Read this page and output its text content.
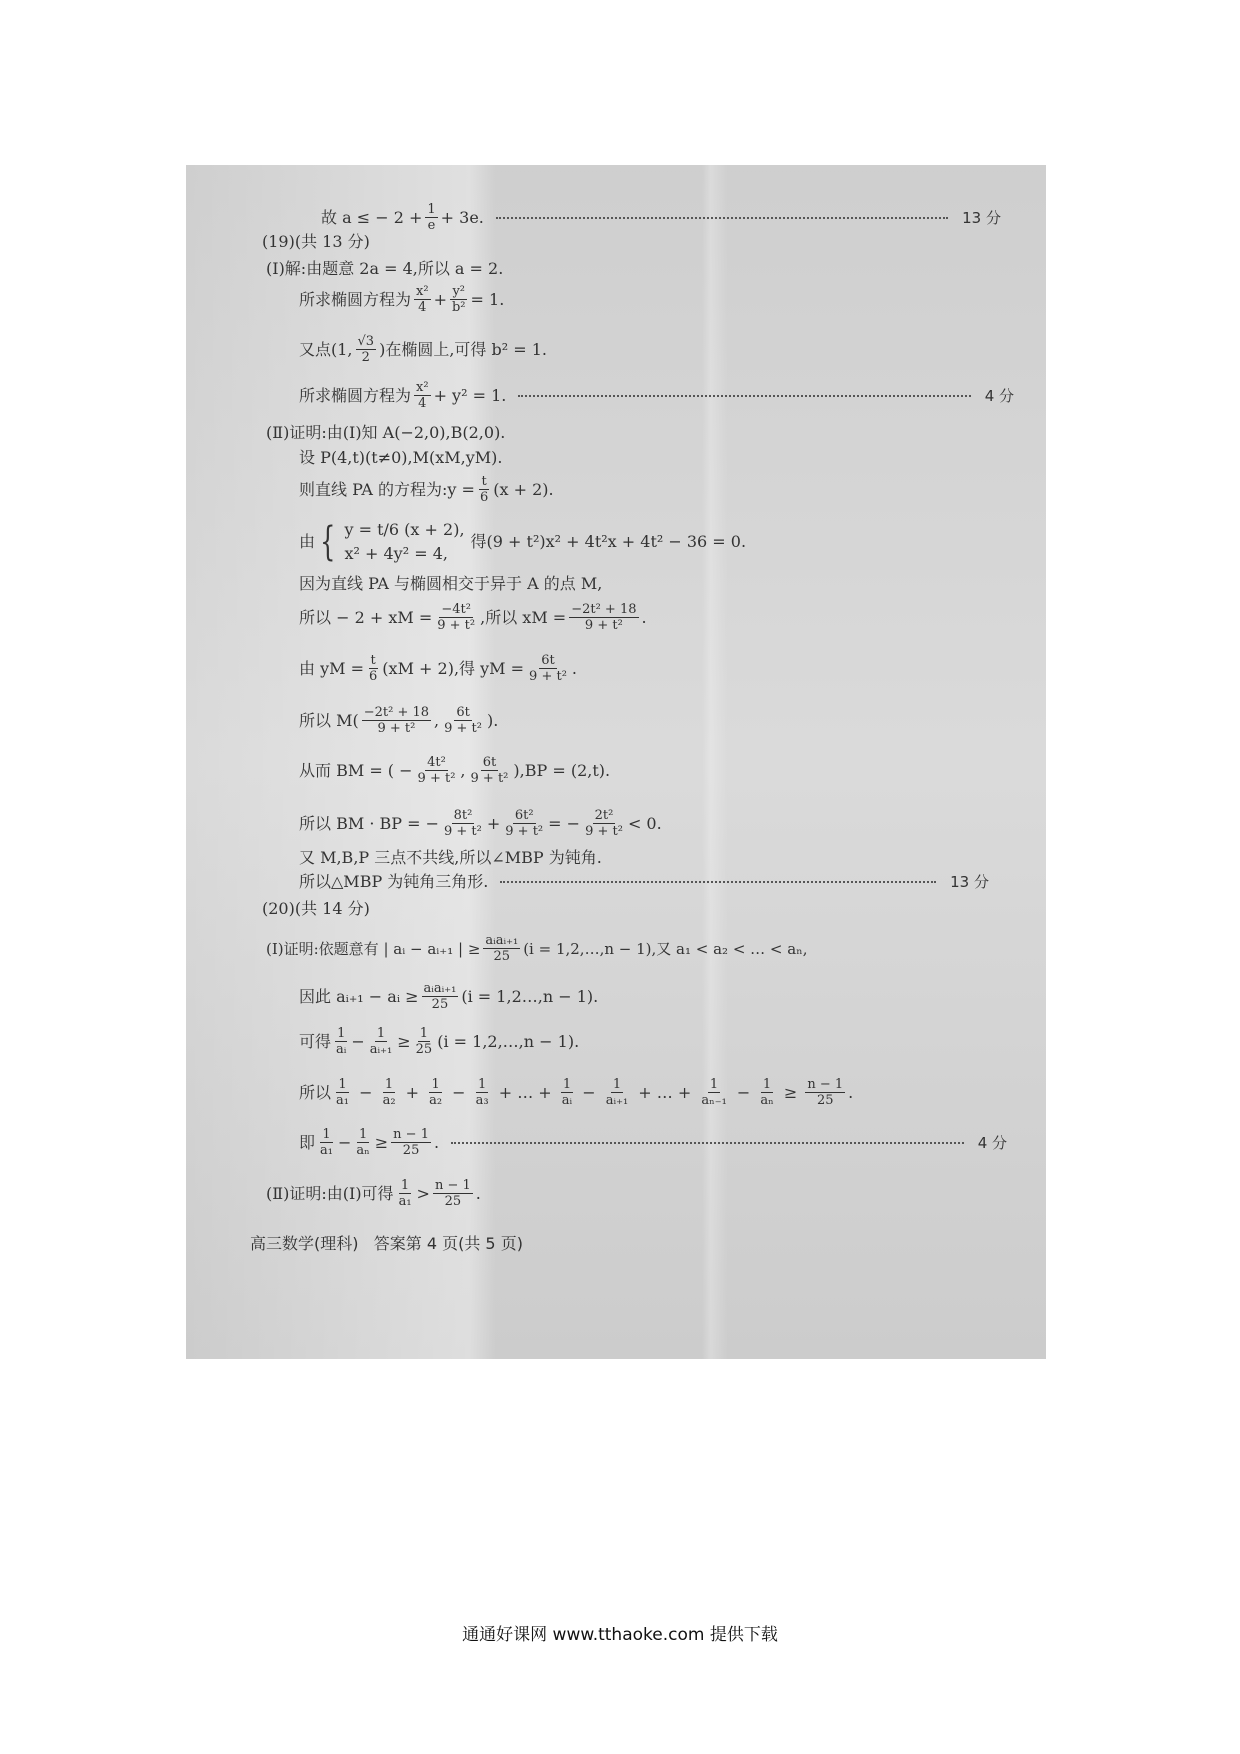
故 a ≤ − $2 + \frac{1}{e} + 3e$.	13 分
(19)(共 13 分)
(Ⅰ)解:由题意 2a = 4,所以 a = 2.
所求椭圆方程为 $\frac{\text{x²}}{4} + \frac{\text{y²}}{\text{b²}} = 1$.
又点(1, $\frac{√3}{2}$ )在椭圆上,可得 b² = 1.
所求椭圆方程为 $\frac{\text{x²}}{4} + y^2 = 1$.	4 分
(Ⅱ)证明:由(Ⅰ)知 A(−2,0),B(2,0).
设 P(4,t)(t≠0),M(xM,yM).
则直线 PA 的方程为:y = $\frac{t}{6} (x + 2)$.
由 { y = t/6 (x + 2),
x² + 4y² = 4,
得(9 + t²)x² + 4t²x + 4t² − 36 = 0.
因为直线 PA 与椭圆相交于异于 A 的点 M,
所以 − 2 + xM = $\frac{\text{−4t²}}{\text{9 + t²}}$ ,所以 xM = $\frac{\text{−2t² + 18}}{\text{9 + t²}}$ .
由 yM = $\frac{t}{6} (xM + 2)$,得 yM = $\frac{6t}{\text{9 + t²}}$ .
所以 $M( \frac{\text{−2t² + 18}}{\text{9 + t²}}$ , $\frac{6t}{\text{9 + t²}}$ ).
从而 BM = ( − $\frac{\text{4t²}}{\text{9 + t²}}$ , $\frac{6t}{\text{9 + t²}} ),BP = (2,t)$.
所以 BM · BP = − $\frac{\text{8t²}}{\text{9 + t²}} + \frac{\text{6t²}}{\text{9 + t²}}$ = − $\frac{\text{2t²}}{\text{9 + t²}} < 0$.
又 M,B,P 三点不共线,所以∠MBP 为钝角.
所以△MBP 为钝角三角形.	13 分
(20)(共 14 分)
(Ⅰ)证明:依题意有 | aᵢ − aᵢ₊₁ | ≥ $\frac{\text{aᵢaᵢ₊₁}}{25} (i$ = 1,2,…,n − 1),又 a₁ < a₂ < … < aₙ,
因此 aᵢ₊₁ − aᵢ ≥ $\frac{\text{aᵢaᵢ₊₁}}{25} (i$ = 1,2…,n − 1).
可得 $\frac{1}{\text{aᵢ}} - \frac{1}{\text{aᵢ₊₁}} \ge \frac{1}{25} (i$ = 1,2,…,n − 1).
所以 $\frac{1}{\text{a₁}} - \frac{1}{\text{a₂}} + \frac{1}{\text{a₂}} - \frac{1}{\text{a₃}}$ + … + $\frac{1}{\text{aᵢ}} - \frac{1}{\text{aᵢ₊₁}}$ + … + $\frac{1}{\text{aₙ₋₁}} - \frac{1}{\text{aₙ}} \ge \frac{n - 1}{25}$ .
即 $\frac{1}{\text{a₁}} - \frac{1}{\text{aₙ}} \ge \frac{n - 1}{25}$ .	4 分
(Ⅱ)证明:由(Ⅰ)可得 $\frac{1}{\text{a₁}} > \frac{n - 1}{25}$ .
高三数学(理科)   答案第 4 页(共 5 页)
通通好课网 www.tthaoke.com 提供下载
